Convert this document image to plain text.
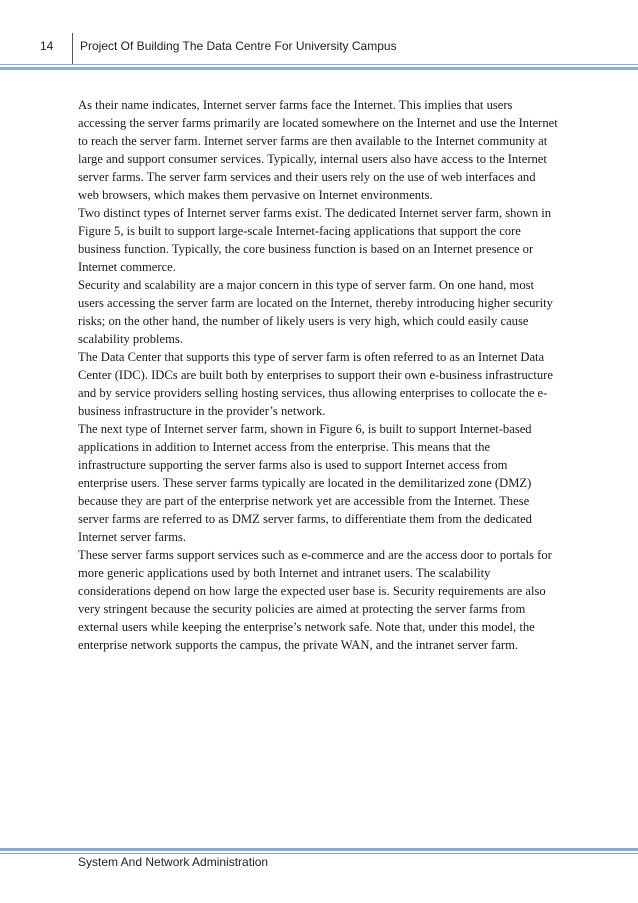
14 Project Of Building The Data Centre For University Campus

As their name indicates, Internet server farms face the Internet. This implies that users accessing the server farms primarily are located somewhere on the Internet and use the Internet to reach the server farm. Internet server farms are then available to the Internet community at large and support consumer services. Typically, internal users also have access to the Internet server farms. The server farm services and their users rely on the use of web interfaces and web browsers, which makes them pervasive on Internet environments.

Two distinct types of Internet server farms exist. The dedicated Internet server farm, shown in Figure 5, is built to support large-scale Internet-facing applications that support the core business function. Typically, the core business function is based on an Internet presence or Internet commerce.

Security and scalability are a major concern in this type of server farm. On one hand, most users accessing the server farm are located on the Internet, thereby introducing higher security risks; on the other hand, the number of likely users is very high, which could easily cause scalability problems.

The Data Center that supports this type of server farm is often referred to as an Internet Data Center (IDC). IDCs are built both by enterprises to support their own e-business infrastructure and by service providers selling hosting services, thus allowing enterprises to collocate the e-business infrastructure in the provider’s network.

The next type of Internet server farm, shown in Figure 6, is built to support Internet-based applications in addition to Internet access from the enterprise. This means that the infrastructure supporting the server farms also is used to support Internet access from enterprise users. These server farms typically are located in the demilitarized zone (DMZ) because they are part of the enterprise network yet are accessible from the Internet. These server farms are referred to as DMZ server farms, to differentiate them from the dedicated Internet server farms.

These server farms support services such as e-commerce and are the access door to portals for more generic applications used by both Internet and intranet users. The scalability considerations depend on how large the expected user base is. Security requirements are also very stringent because the security policies are aimed at protecting the server farms from external users while keeping the enterprise’s network safe. Note that, under this model, the enterprise network supports the campus, the private WAN, and the intranet server farm.

System And Network Administration
